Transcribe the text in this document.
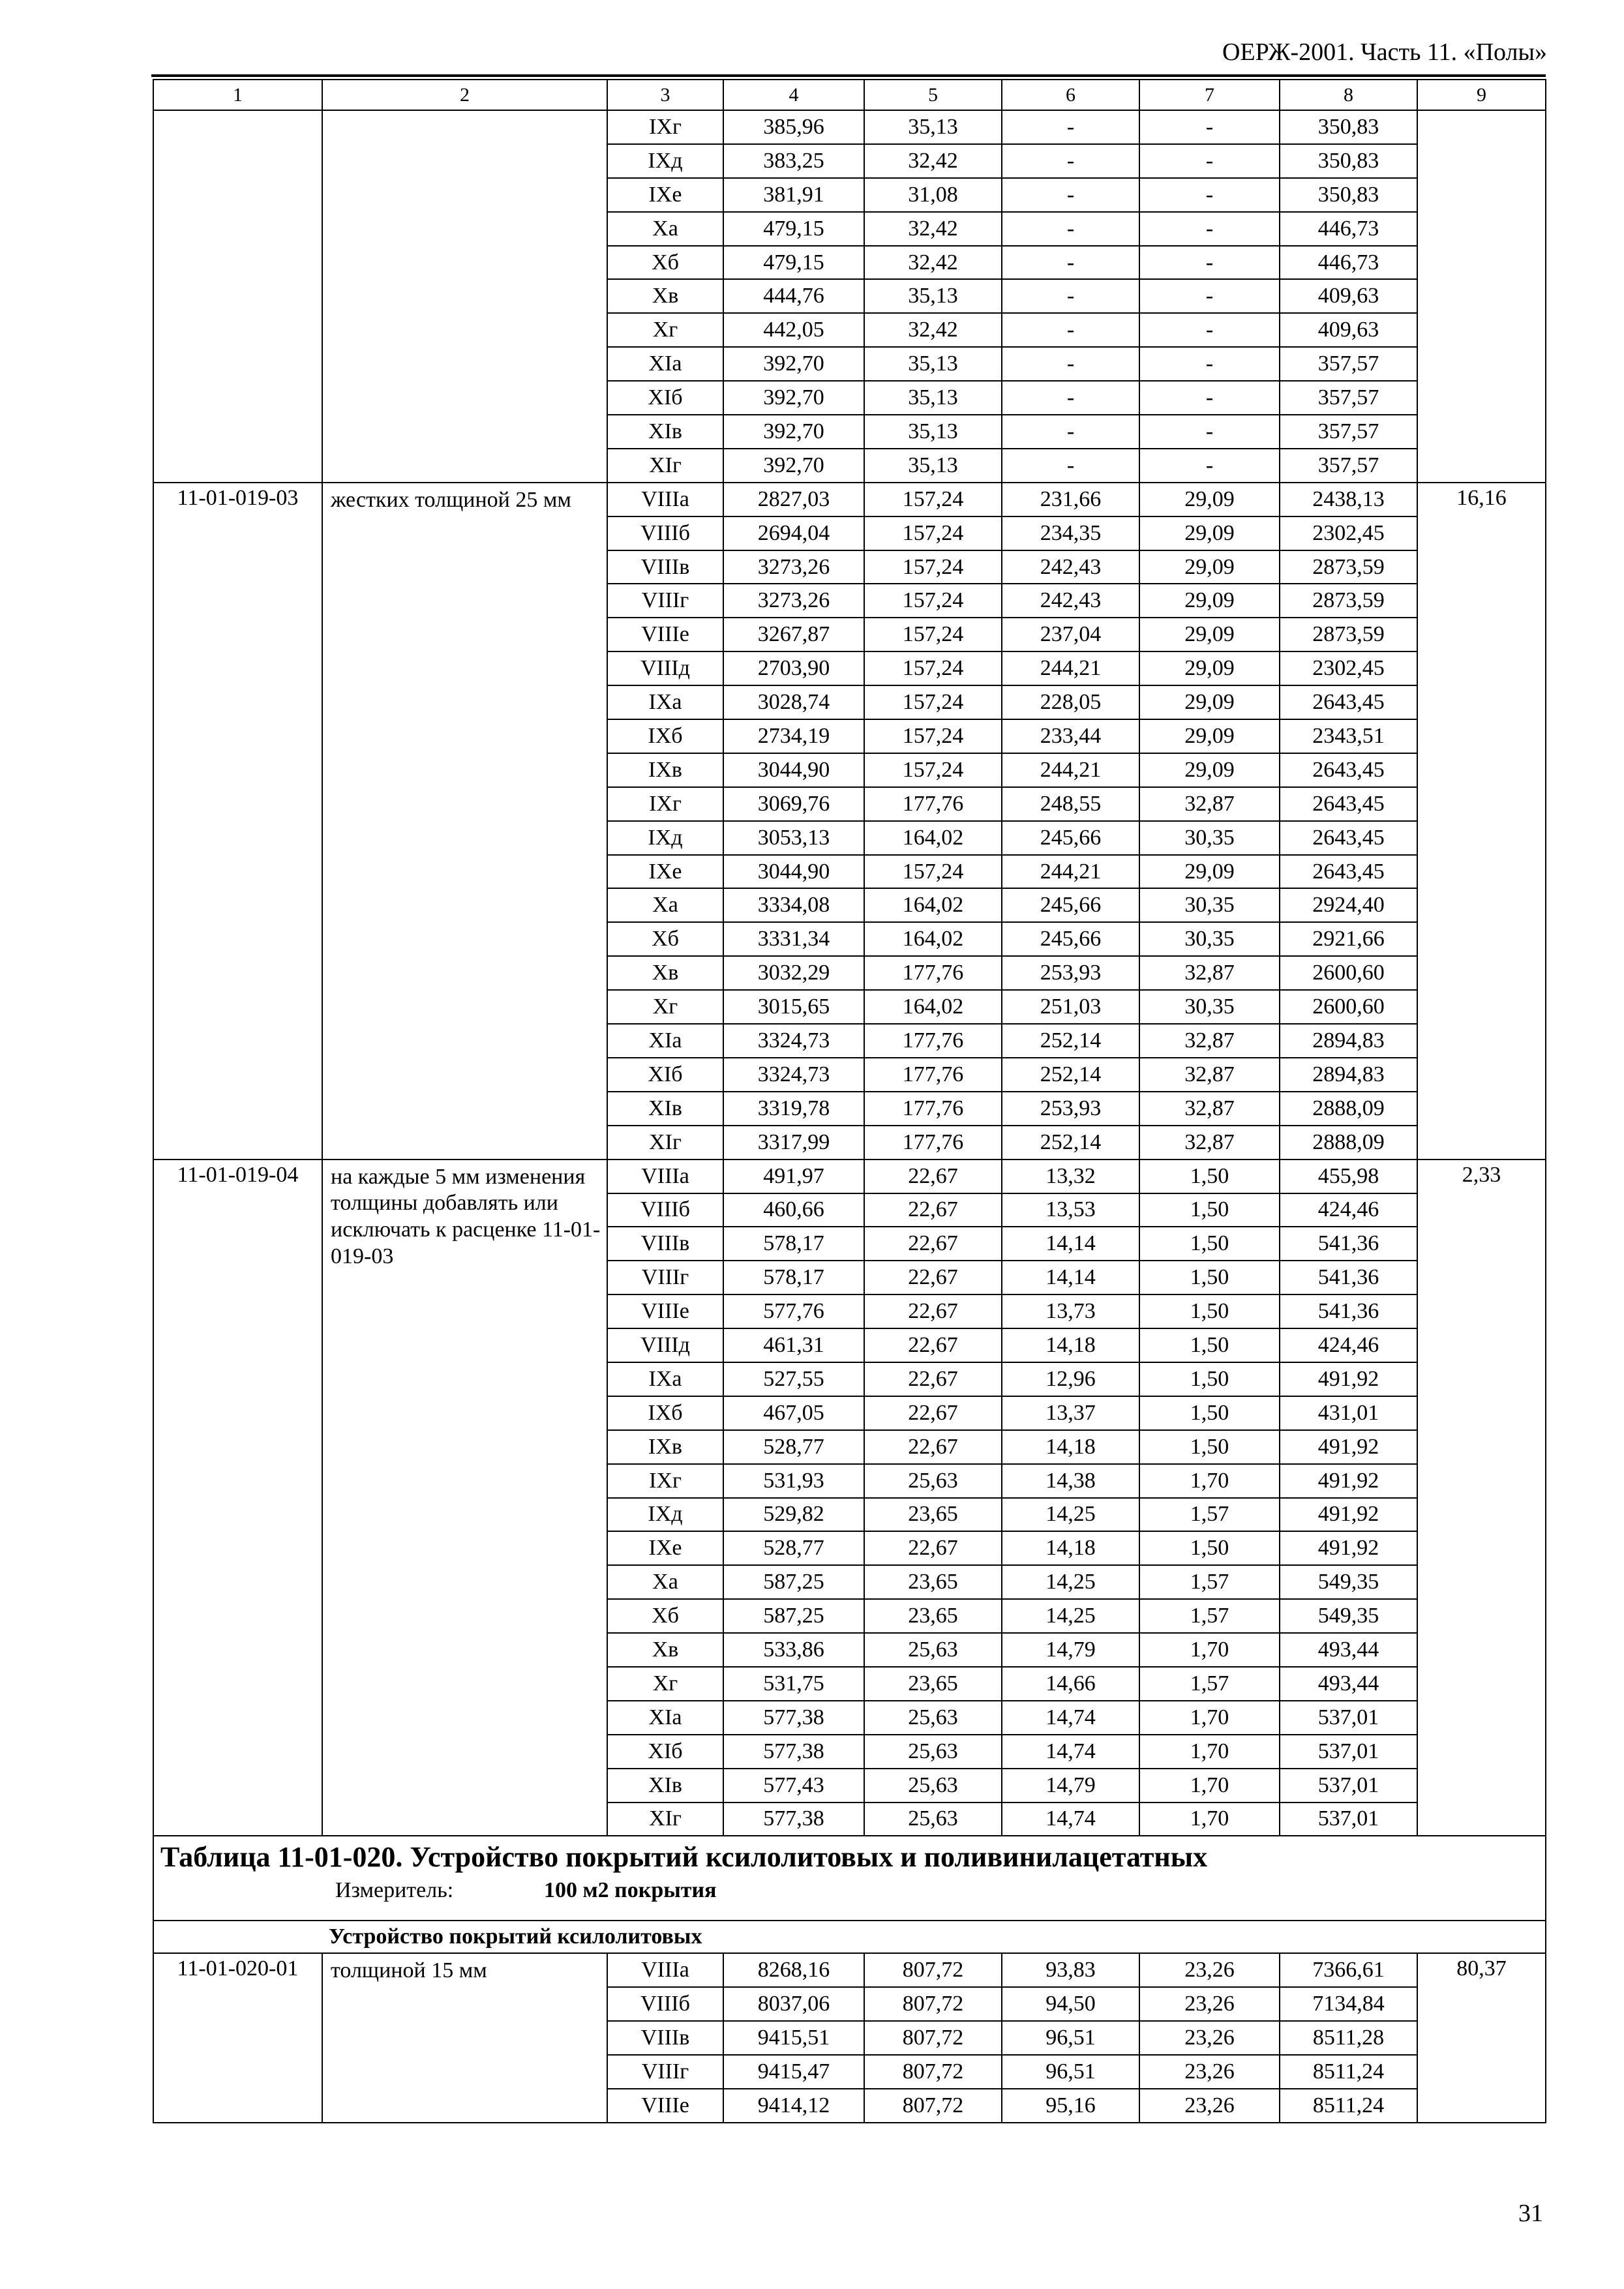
ОЕРЖ-2001. Часть 11. «Полы»
1	2	3	4	5	6	7	8	9
		IXг	385,96	35,13	-	-	350,83	
		IXд	383,25	32,42	-	-	350,83	
		IXе	381,91	31,08	-	-	350,83	
		Xа	479,15	32,42	-	-	446,73	
		Xб	479,15	32,42	-	-	446,73	
		Xв	444,76	35,13	-	-	409,63	
		Xг	442,05	32,42	-	-	409,63	
		XIа	392,70	35,13	-	-	357,57	
		XIб	392,70	35,13	-	-	357,57	
		XIв	392,70	35,13	-	-	357,57	
		XIг	392,70	35,13	-	-	357,57	
11-01-019-03	жестких толщиной 25 мм	VIIIа	2827,03	157,24	231,66	29,09	2438,13	16,16
		VIIIб	2694,04	157,24	234,35	29,09	2302,45	
		VIIIв	3273,26	157,24	242,43	29,09	2873,59	
		VIIIг	3273,26	157,24	242,43	29,09	2873,59	
		VIIIе	3267,87	157,24	237,04	29,09	2873,59	
		VIIIд	2703,90	157,24	244,21	29,09	2302,45	
		IXа	3028,74	157,24	228,05	29,09	2643,45	
		IXб	2734,19	157,24	233,44	29,09	2343,51	
		IXв	3044,90	157,24	244,21	29,09	2643,45	
		IXг	3069,76	177,76	248,55	32,87	2643,45	
		IXд	3053,13	164,02	245,66	30,35	2643,45	
		IXе	3044,90	157,24	244,21	29,09	2643,45	
		Xа	3334,08	164,02	245,66	30,35	2924,40	
		Xб	3331,34	164,02	245,66	30,35	2921,66	
		Xв	3032,29	177,76	253,93	32,87	2600,60	
		Xг	3015,65	164,02	251,03	30,35	2600,60	
		XIа	3324,73	177,76	252,14	32,87	2894,83	
		XIб	3324,73	177,76	252,14	32,87	2894,83	
		XIв	3319,78	177,76	253,93	32,87	2888,09	
		XIг	3317,99	177,76	252,14	32,87	2888,09	
11-01-019-04	на каждые 5 мм изменения толщины добавлять или исключать к расценке 11-01-019-03	VIIIа	491,97	22,67	13,32	1,50	455,98	2,33
		VIIIб	460,66	22,67	13,53	1,50	424,46	
		VIIIв	578,17	22,67	14,14	1,50	541,36	
		VIIIг	578,17	22,67	14,14	1,50	541,36	
		VIIIе	577,76	22,67	13,73	1,50	541,36	
		VIIIд	461,31	22,67	14,18	1,50	424,46	
		IXа	527,55	22,67	12,96	1,50	491,92	
		IXб	467,05	22,67	13,37	1,50	431,01	
		IXв	528,77	22,67	14,18	1,50	491,92	
		IXг	531,93	25,63	14,38	1,70	491,92	
		IXд	529,82	23,65	14,25	1,57	491,92	
		IXе	528,77	22,67	14,18	1,50	491,92	
		Xа	587,25	23,65	14,25	1,57	549,35	
		Xб	587,25	23,65	14,25	1,57	549,35	
		Xв	533,86	25,63	14,79	1,70	493,44	
		Xг	531,75	23,65	14,66	1,57	493,44	
		XIа	577,38	25,63	14,74	1,70	537,01	
		XIб	577,38	25,63	14,74	1,70	537,01	
		XIв	577,43	25,63	14,79	1,70	537,01	
		XIг	577,38	25,63	14,74	1,70	537,01	

Таблица 11-01-020. Устройство покрытий ксилолитовых и поливинилацетатных
Измеритель: 100 м2 покрытия								

Устройство покрытий ксилолитовых								
11-01-020-01	толщиной 15 мм	VIIIа	8268,16	807,72	93,83	23,26	7366,61	80,37
		VIIIб	8037,06	807,72	94,50	23,26	7134,84	
		VIIIв	9415,51	807,72	96,51	23,26	8511,28	
		VIIIг	9415,47	807,72	96,51	23,26	8511,24	
		VIIIе	9414,12	807,72	95,16	23,26	8511,24	
31
